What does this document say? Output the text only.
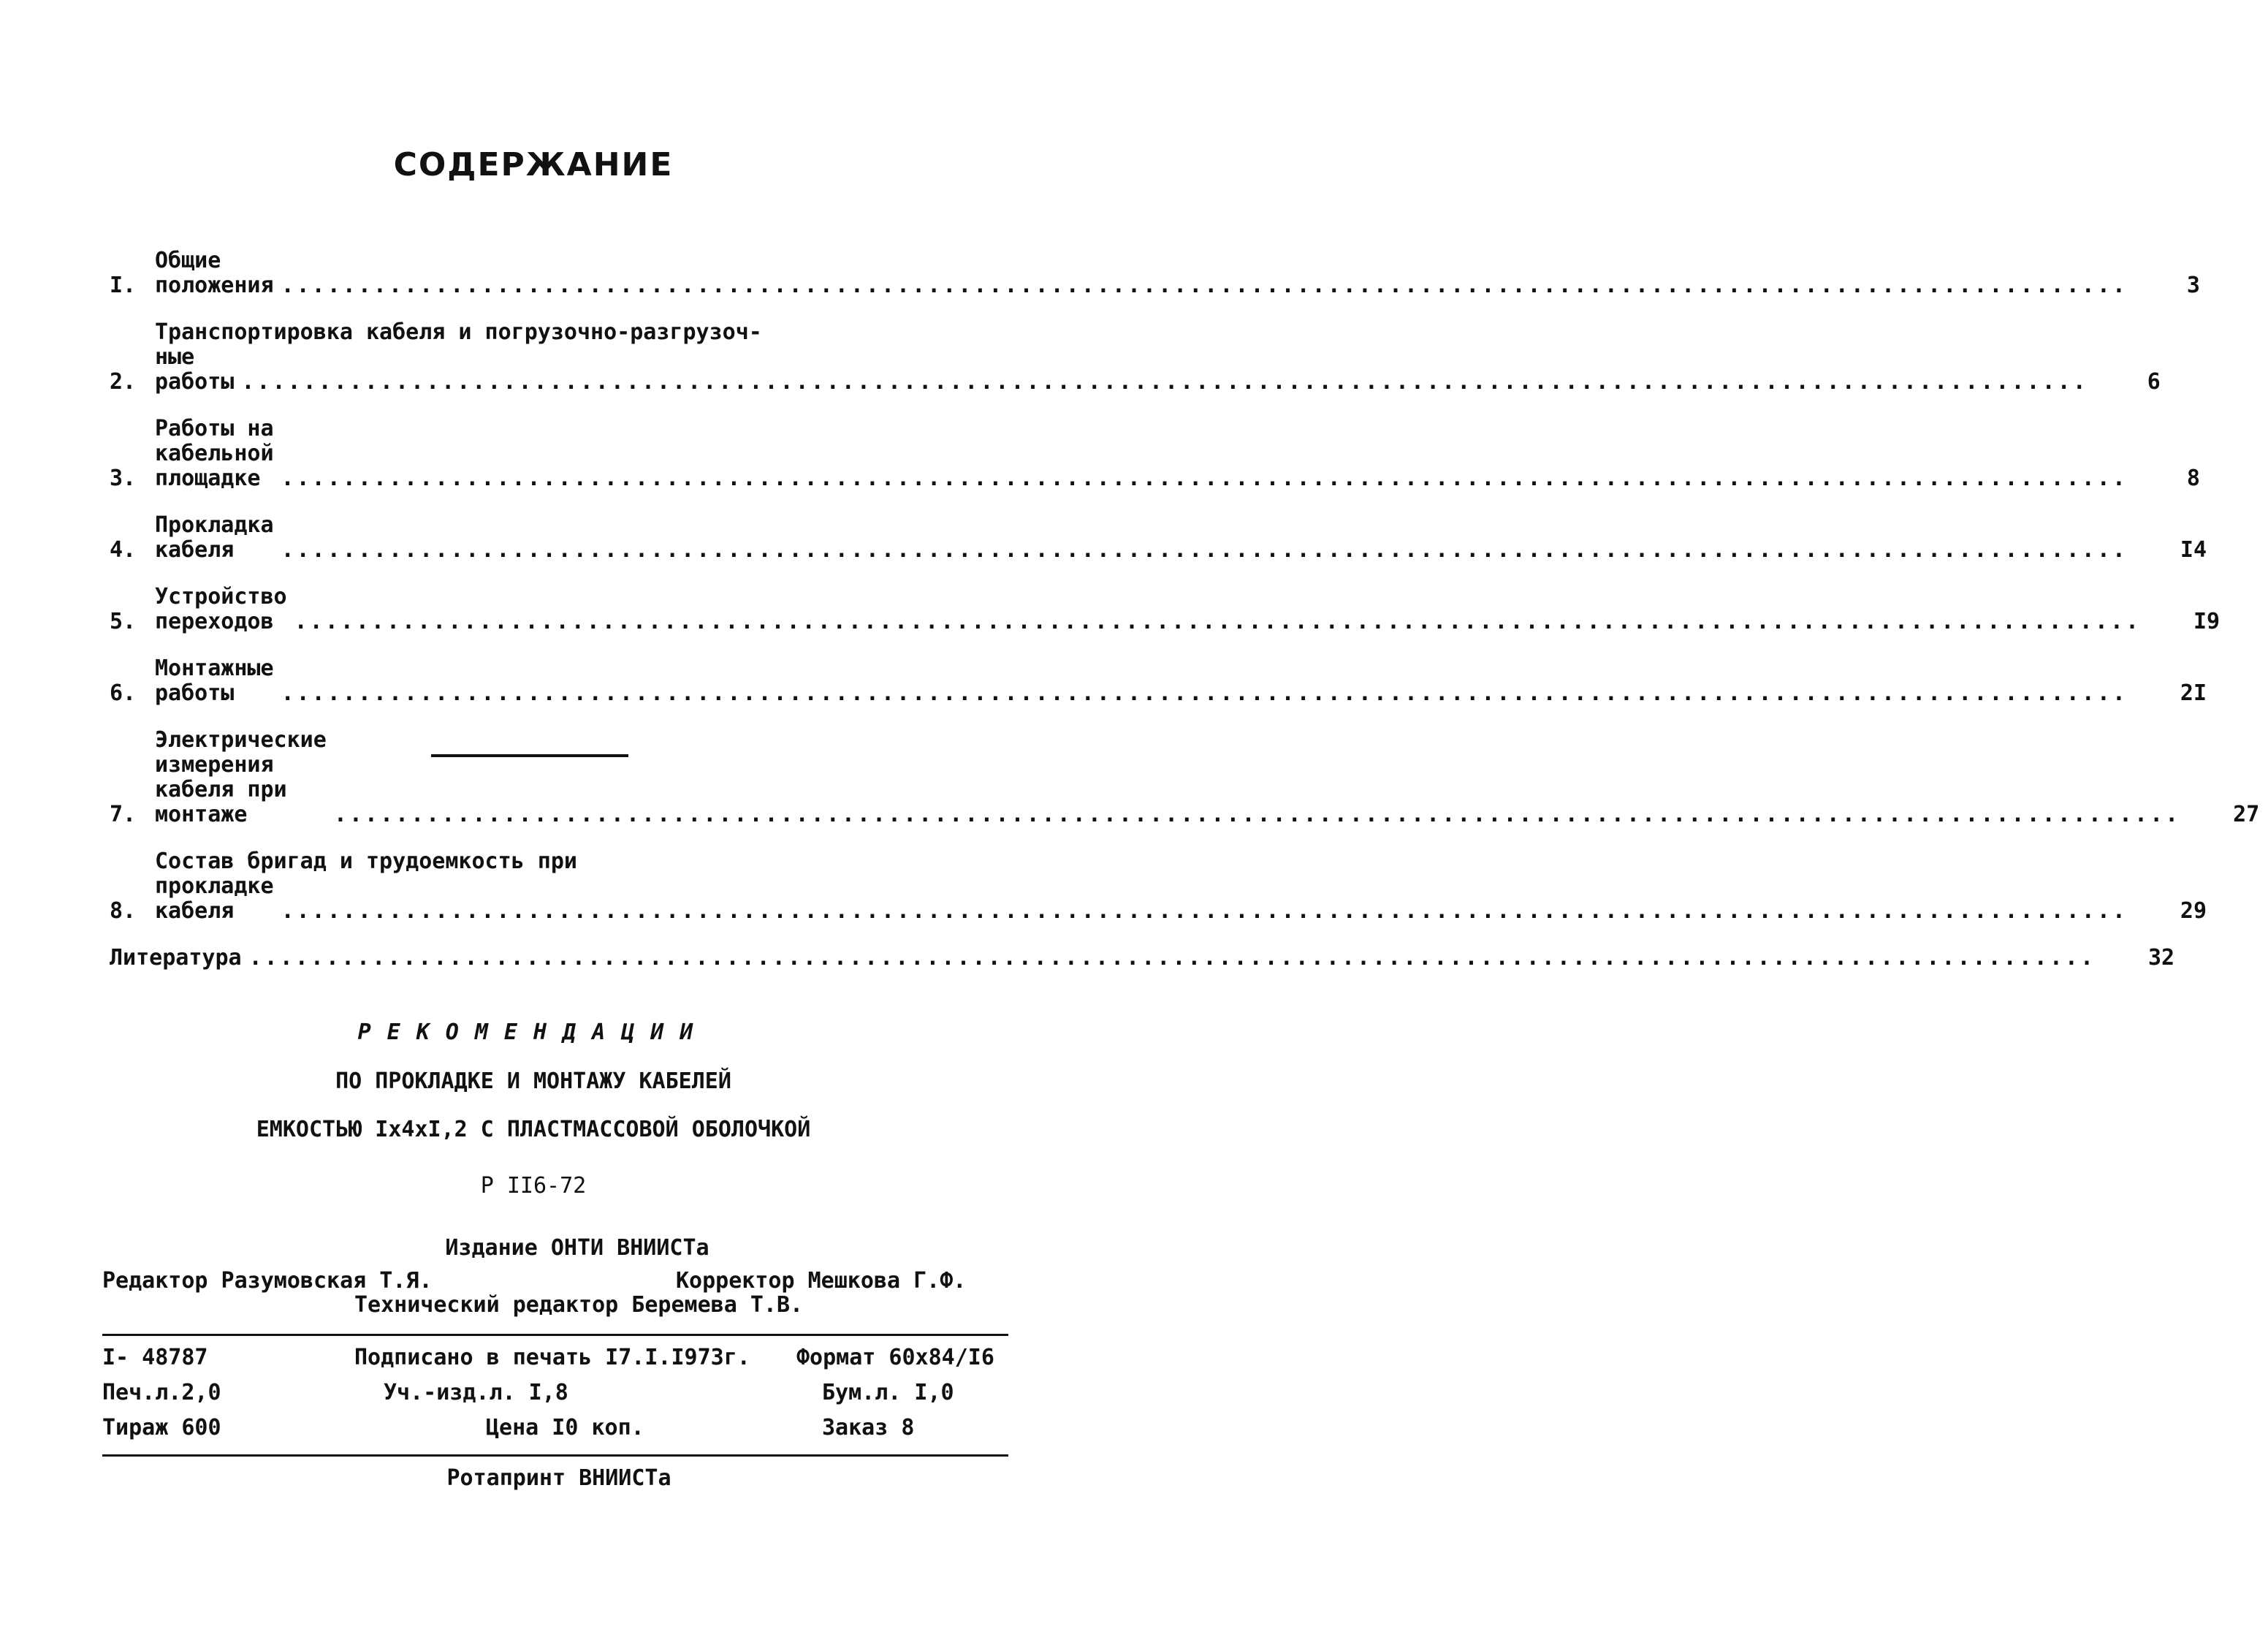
СОДЕРЖАНИЕ
I.
Общие положения .....	3
2.
Транспортировка кабеля и погрузочно-разгрузоч-
ные работы .....	6
3.
Работы на кабельной площадке .....	8
4.
Прокладка кабеля .....	I4
5.
Устройство переходов .....	I9
6.
Монтажные работы .....	2I
7.
Электрические измерения кабеля при монтаже .....	27
8.
Состав бригад и трудоемкость при
прокладке кабеля .....	29
Литература .....	32
РЕКОМЕНДАЦИИ
ПО ПРОКЛАДКЕ И МОНТАЖУ КАБЕЛЕЙ
ЕМКОСТЬЮ Iх4хI,2 С ПЛАСТМАССОВОЙ ОБОЛОЧКОЙ
Р II6-72
Издание ОНТИ ВНИИСТа
Редактор Разумовская Т.Я.	Корректор Мешкова Г.Ф.
Технический редактор Беремева Т.В.
I- 48787	Подписано в печать I7.I.I973г. Формат 60х84/I6
Печ.л.2,0	Уч.-изд.л. I,8	Бум.л. I,0
Тираж 600	Цена I0 коп.	Заказ 8
Ротапринт ВНИИСТа
